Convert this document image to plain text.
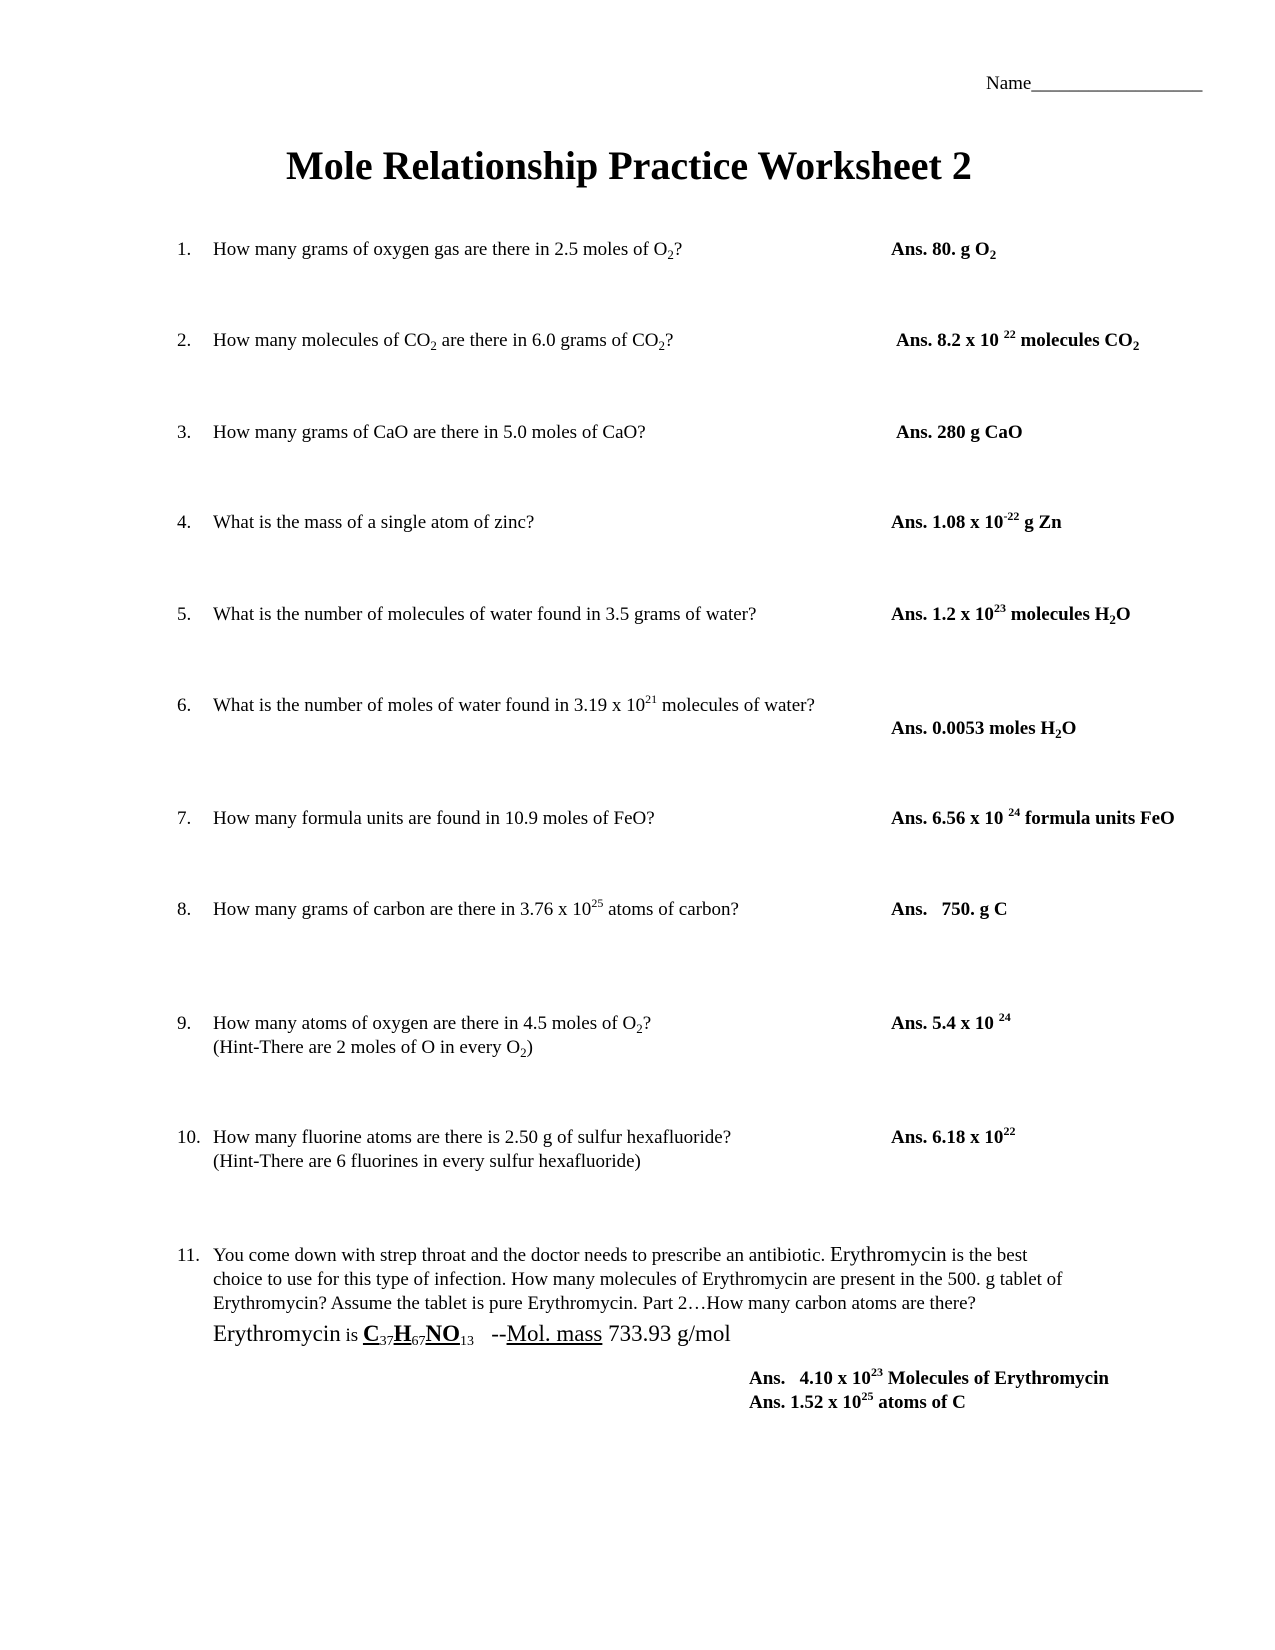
Name__________________
Mole Relationship Practice Worksheet 2
1. How many grams of oxygen gas are there in 2.5 moles of $O_2$?	Ans. 80. g $O_2$
2. How many molecules of $CO_2$ are there in 6.0 grams of $CO_2$?	Ans. 8.2 x 10 $^{22}$ molecules $CO_2$
3. How many grams of CaO are there in 5.0 moles of CaO?	Ans. 280 g CaO
4. What is the mass of a single atom of zinc?	Ans. 1.08 x $10^{-22}$ g Zn
5. What is the number of molecules of water found in 3.5 grams of water?	Ans. 1.2 x $10^{23}$ molecules $H_2O$
6. What is the number of moles of water found in 3.19 x $10^{21}$ molecules of water?
Ans. 0.0053 moles $H_2O$
7. How many formula units are found in 10.9 moles of FeO?	Ans. 6.56 x 10 $^{24}$ formula units FeO
8. How many grams of carbon are there in 3.76 x $10^{25}$ atoms of carbon?	Ans.   750. g C
9. How many atoms of oxygen are there in 4.5 moles of $O_2$?
(Hint-There are 2 moles of O in every $O_2$)
Ans. 5.4 x 10 $^{24}$
10. How many fluorine atoms are there is 2.50 g of sulfur hexafluoride?
(Hint-There are 6 fluorines in every sulfur hexafluoride)
Ans. 6.18 x $10^{22}$
11. You come down with strep throat and the doctor needs to prescribe an antibiotic. Erythromycin is the best
choice to use for this type of infection. How many molecules of Erythromycin are present in the 500. g tablet of
Erythromycin? Assume the tablet is pure Erythromycin. Part 2…How many carbon atoms are there?
Erythromycin is $C_{37}H_{67}NO_{13}$   --Mol. mass 733.93 g/mol
Ans.   4.10 x $10^{23}$ Molecules of Erythromycin
Ans. 1.52 x $10^{25}$ atoms of C
